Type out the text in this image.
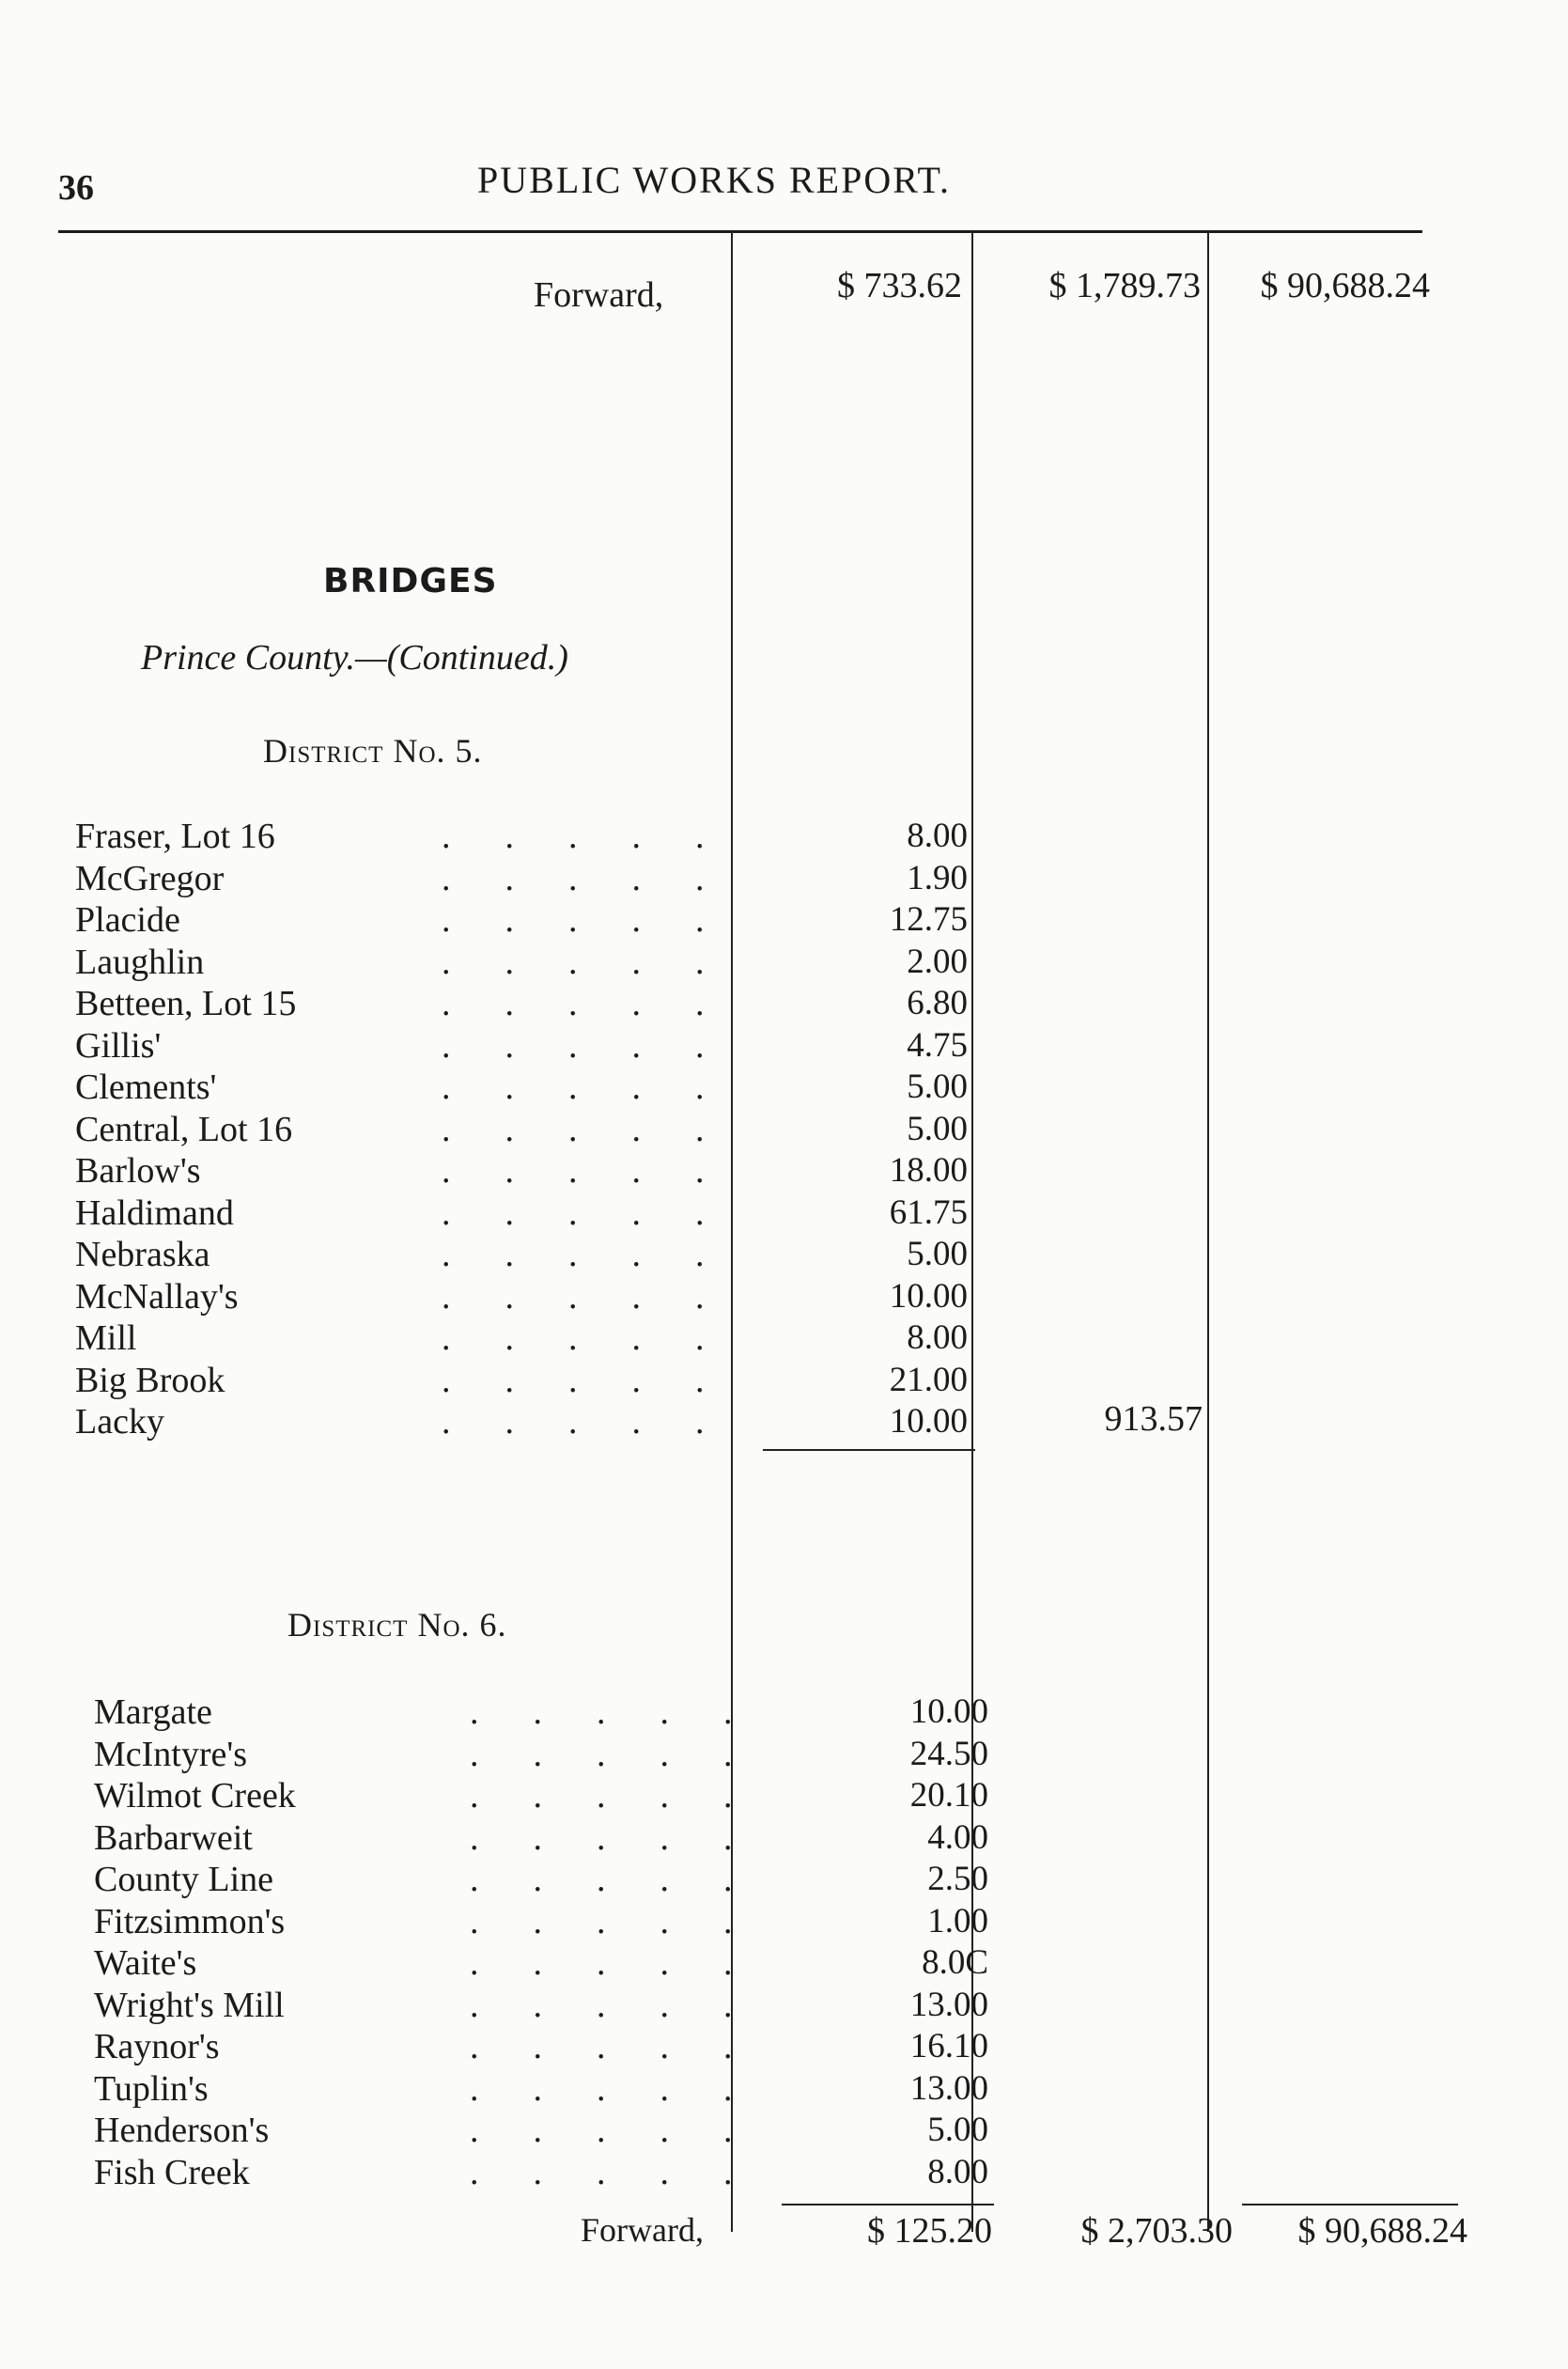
36	PUBLIC WORKS REPORT.
Forward,	$ 733.62	$ 1,789.73	$ 90,688.24
BRIDGES
Prince County.—(Continued.)
District No. 5.
Fraser, Lot 16	.....	8.00
McGregor	.....	1.90
Placide	.....	12.75
Laughlin	.....	2.00
Betteen, Lot 15	.....	6.80
Gillis'	.....	4.75
Clements'	.....	5.00
Central, Lot 16	.....	5.00
Barlow's	.....	18.00
Haldimand	.....	61.75
Nebraska	.....	5.00
McNallay's	.....	10.00
Mill	.....	8.00
Big Brook	.....	21.00
Lacky	.....	10.00	913.57
District No. 6.
Margate	.....	10.00
McIntyre's	.....	24.50
Wilmot Creek	.....	20.10
Barbarweit	.....	4.00
County Line	.....	2.50
Fitzsimmon's	.....	1.00
Waite's	.....	8.0C
Wright's Mill	.....	13.00
Raynor's	.....	16.10
Tuplin's	.....	13.00
Henderson's	.....	5.00
Fish Creek	.....	8.00
Forward,	$ 125.20	$ 2,703.30	$ 90,688.24
